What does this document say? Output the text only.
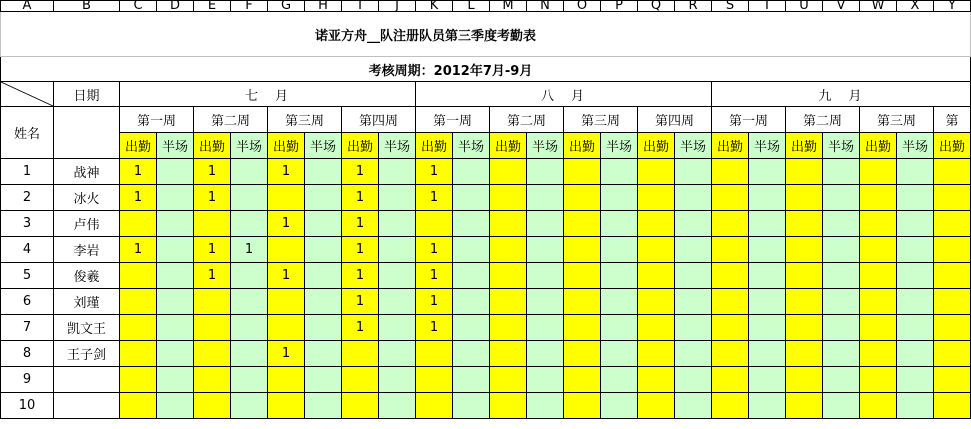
A	B	C	D	E	F	G	H	I	J	K	L	M	N	O	P	Q	R	S	T	U	V	W	X	Y
诺亚方舟__队注册队员第三季度考勤表																								
考核周期：2012年7月-9月																								

	日期	七　月								八　月								九　月						
姓名		第一周		第二周		第三周		第四周		第一周		第二周		第三周		第四周		第一周		第二周		第三周		第
		出勤	半场	出勤	半场	出勤	半场	出勤	半场	出勤	半场	出勤	半场	出勤	半场	出勤	半场	出勤	半场	出勤	半场	出勤	半场	出勤
1	战神	1		1		1		1		1														
2	冰火	1		1				1		1														
3	卢伟					1		1																
4	李岩	1		1	1			1		1														
5	俊羲			1		1		1		1														
6	刘瑾							1		1														
7	凯文王							1		1														
8	王子剑					1																		
9																								
10																								
